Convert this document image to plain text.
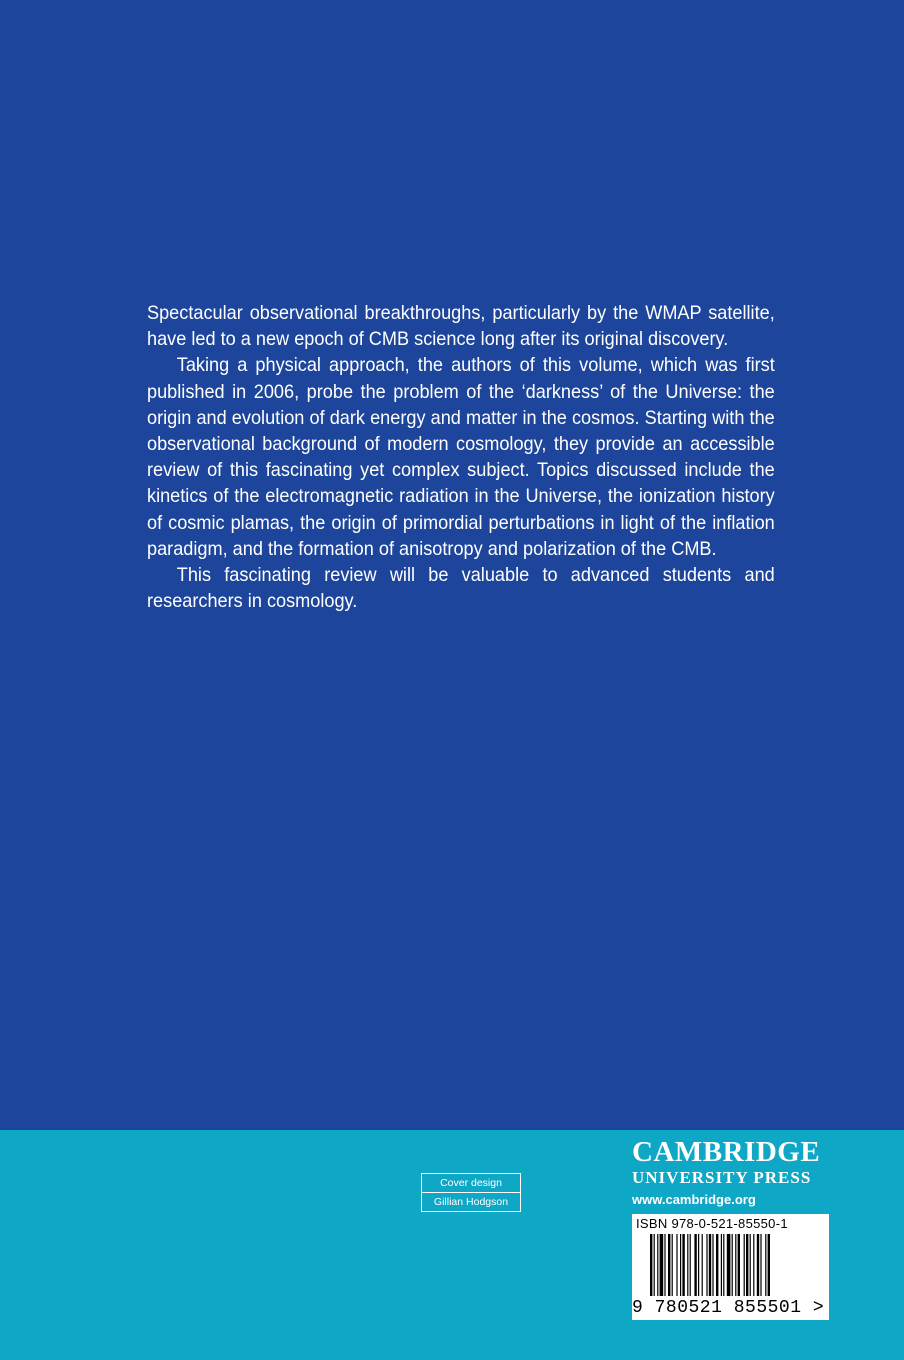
Spectacular observational breakthroughs, particularly by the WMAP satellite, have led to a new epoch of CMB science long after its original discovery.

Taking a physical approach, the authors of this volume, which was first published in 2006, probe the problem of the ‘darkness’ of the Universe: the origin and evolution of dark energy and matter in the cosmos. Starting with the observational background of modern cosmology, they provide an accessible review of this fascinating yet complex subject. Topics discussed include the kinetics of the electromagnetic radiation in the Universe, the ionization history of cosmic plamas, the origin of primordial perturbations in light of the inflation paradigm, and the formation of anisotropy and polarization of the CMB.

This fascinating review will be valuable to advanced students and researchers in cosmology.

Cover design
Gillian Hodgson
CAMBRIDGE
UNIVERSITY PRESS
www.cambridge.org
ISBN 978-0-521-85550-1
9 780521 855501 >
